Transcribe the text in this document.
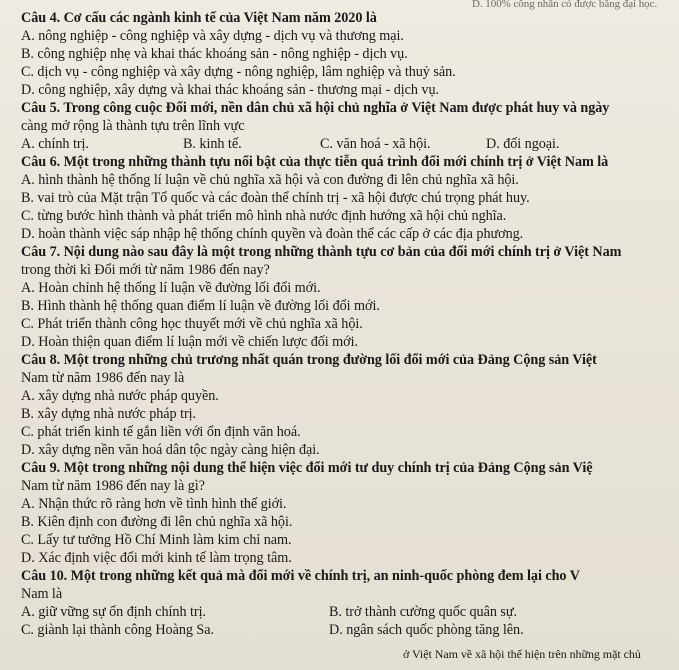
D. 100% công nhân có được bằng đại học.
Câu 4. Cơ cấu các ngành kinh tế của Việt Nam năm 2020 là
A. nông nghiệp - công nghiệp và xây dựng - dịch vụ và thương mại.
B. công nghiệp nhẹ và khai thác khoáng sản - nông nghiệp - dịch vụ.
C. dịch vụ - công nghiệp và xây dựng - nông nghiệp, lâm nghiệp và thuỷ sản.
D. công nghiệp, xây dựng và khai thác khoáng sản - thương mại - dịch vụ.
Câu 5. Trong công cuộc Đổi mới, nền dân chủ xã hội chủ nghĩa ở Việt Nam được phát huy và ngày
càng mở rộng là thành tựu trên lĩnh vực
A. chính trị.	B. kinh tế.	C. văn hoá - xã hội.	D. đối ngoại.
Câu 6. Một trong những thành tựu nổi bật của thực tiễn quá trình đổi mới chính trị ở Việt Nam là
A. hình thành hệ thống lí luận về chủ nghĩa xã hội và con đường đi lên chủ nghĩa xã hội.
B. vai trò của Mặt trận Tổ quốc và các đoàn thể chính trị - xã hội được chú trọng phát huy.
C. từng bước hình thành và phát triển mô hình nhà nước định hướng xã hội chủ nghĩa.
D. hoàn thành việc sáp nhập hệ thống chính quyền và đoàn thể các cấp ở các địa phương.
Câu 7. Nội dung nào sau đây là một trong những thành tựu cơ bản của đổi mới chính trị ở Việt Nam
trong thời kì Đổi mới từ năm 1986 đến nay?
A. Hoàn chỉnh hệ thống lí luận về đường lối đổi mới.
B. Hình thành hệ thống quan điểm lí luận về đường lối đổi mới.
C. Phát triển thành công học thuyết mới về chủ nghĩa xã hội.
D. Hoàn thiện quan điểm lí luận mới về chiến lược đối mới.
Câu 8. Một trong những chủ trương nhất quán trong đường lối đổi mới của Đảng Cộng sản Việt
Nam từ năm 1986 đến nay là
A. xây dựng nhà nước pháp quyền.
B. xây dựng nhà nước pháp trị.
C. phát triển kinh tế gắn liền với ổn định văn hoá.
D. xây dựng nền văn hoá dân tộc ngày càng hiện đại.
Câu 9. Một trong những nội dung thể hiện việc đổi mới tư duy chính trị của Đảng Cộng sản Việ
Nam từ năm 1986 đến nay là gì?
A. Nhận thức rõ ràng hơn về tình hình thế giới.
B. Kiên định con đường đi lên chủ nghĩa xã hội.
C. Lấy tư tưởng Hồ Chí Minh làm kim chỉ nam.
D. Xác định việc đổi mới kinh tế làm trọng tâm.
Câu 10. Một trong những kết quả mà đổi mới về chính trị, an ninh-quốc phòng đem lại cho V
Nam là
A. giữ vững sự ổn định chính trị.	B. trở thành cường quốc quân sự.
C. giành lại thành công Hoàng Sa.	D. ngân sách quốc phòng tăng lên.
ở Việt Nam về xã hội thể hiện trên những mặt chủ
